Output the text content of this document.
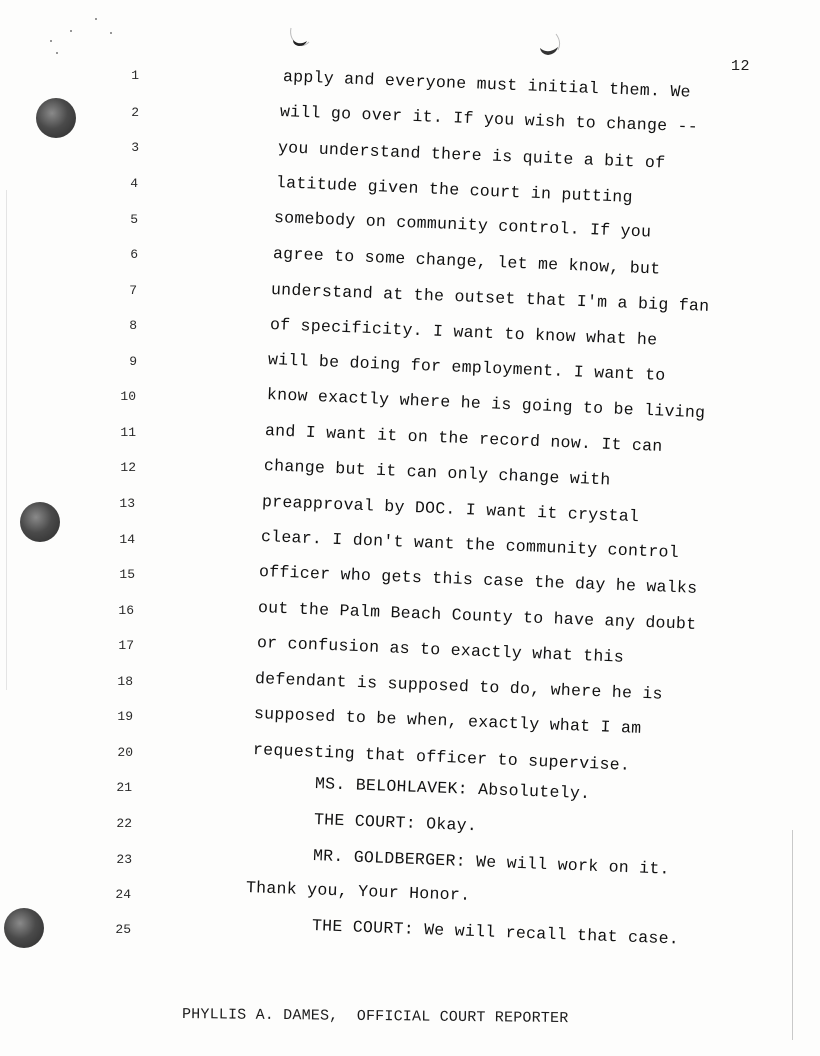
12
1
2
3
4
5
6
7
8
9
10
11
12
13
14
15
16
17
18
19
20
21
22
23
24
25
apply and everyone must initial them. We
will go over it. If you wish to change --
you understand there is quite a bit of
latitude given the court in putting
somebody on community control. If you
agree to some change, let me know, but
understand at the outset that I'm a big fan
of specificity. I want to know what he
will be doing for employment. I want to
know exactly where he is going to be living
and I want it on the record now. It can
change but it can only change with
preapproval by DOC. I want it crystal
clear. I don't want the community control
officer who gets this case the day he walks
out the Palm Beach County to have any doubt
or confusion as to exactly what this
defendant is supposed to do, where he is
supposed to be when, exactly what I am
requesting that officer to supervise.
MS. BELOHLAVEK: Absolutely.
THE COURT: Okay.
MR. GOLDBERGER: We will work on it.
Thank you, Your Honor.
THE COURT: We will recall that case.
PHYLLIS A. DAMES,  OFFICIAL COURT REPORTER
